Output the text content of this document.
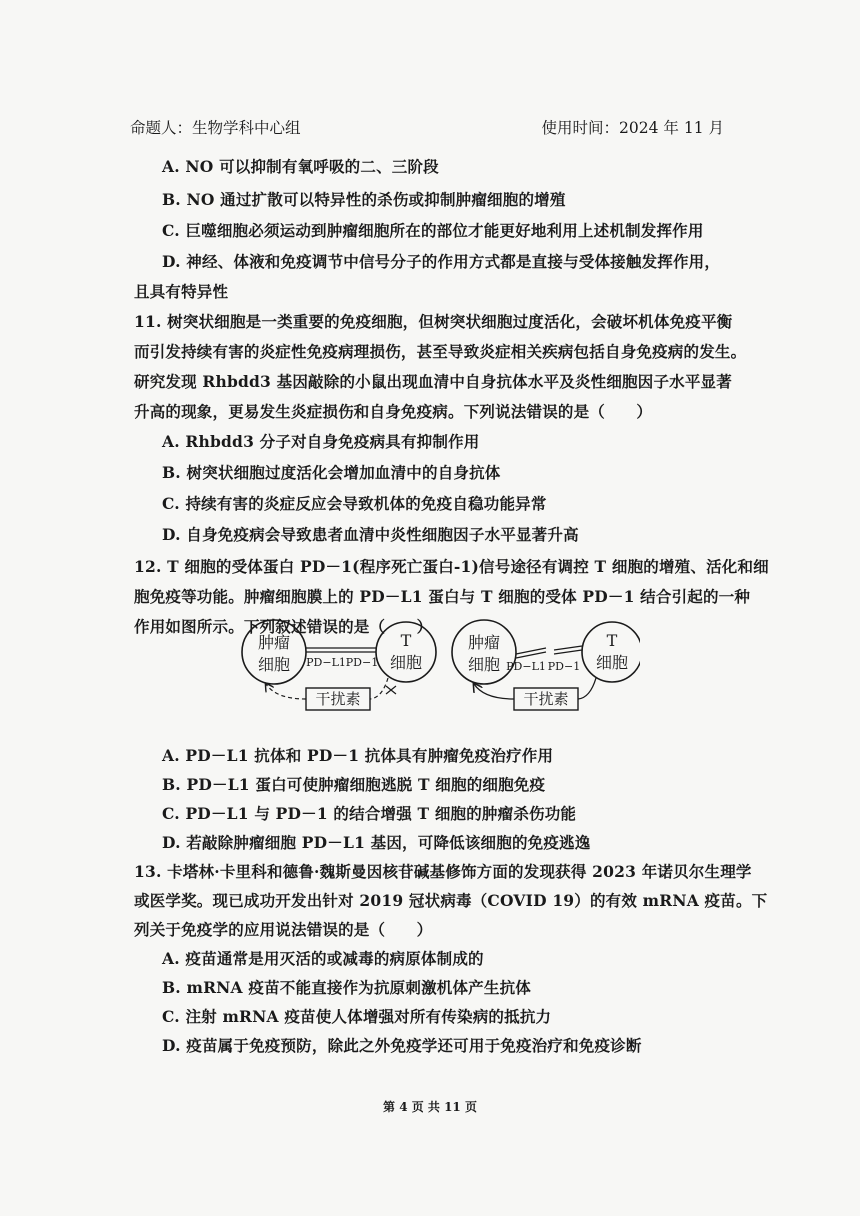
命题人：生物学科中心组	使用时间：2024 年 11 月
A. NO 可以抑制有氧呼吸的二、三阶段
B. NO 通过扩散可以特异性的杀伤或抑制肿瘤细胞的增殖
C. 巨噬细胞必须运动到肿瘤细胞所在的部位才能更好地利用上述机制发挥作用
D. 神经、体液和免疫调节中信号分子的作用方式都是直接与受体接触发挥作用，
且具有特异性
11. 树突状细胞是一类重要的免疫细胞，但树突状细胞过度活化，会破坏机体免疫平衡
而引发持续有害的炎症性免疫病理损伤，甚至导致炎症相关疾病包括自身免疫病的发生。
研究发现 Rhbdd3 基因敲除的小鼠出现血清中自身抗体水平及炎性细胞因子水平显著
升高的现象，更易发生炎症损伤和自身免疫病。下列说法错误的是（　　）
A. Rhbdd3 分子对自身免疫病具有抑制作用
B. 树突状细胞过度活化会增加血清中的自身抗体
C. 持续有害的炎症反应会导致机体的免疫自稳功能异常
D. 自身免疫病会导致患者血清中炎性细胞因子水平显著升高
12. T 细胞的受体蛋白 PD－1(程序死亡蛋白-1)信号途径有调控 T 细胞的增殖、活化和细
胞免疫等功能。肿瘤细胞膜上的 PD－L1 蛋白与 T 细胞的受体 PD－1 结合引起的一种
作用如图所示。下列叙述错误的是（　　）
肿瘤
细胞
T
细胞
PD−L1 PD−1
干扰素
肿瘤
细胞
T
细胞
PD−L1 PD−1
干扰素
A. PD－L1 抗体和 PD－1 抗体具有肿瘤免疫治疗作用
B. PD－L1 蛋白可使肿瘤细胞逃脱 T 细胞的细胞免疫
C. PD－L1 与 PD－1 的结合增强 T 细胞的肿瘤杀伤功能
D. 若敲除肿瘤细胞 PD－L1 基因，可降低该细胞的免疫逃逸
13. 卡塔林·卡里科和德鲁·魏斯曼因核苷碱基修饰方面的发现获得 2023 年诺贝尔生理学
或医学奖。现已成功开发出针对 2019 冠状病毒（COVID 19）的有效 mRNA 疫苗。下
列关于免疫学的应用说法错误的是（　　）
A. 疫苗通常是用灭活的或减毒的病原体制成的
B. mRNA 疫苗不能直接作为抗原刺激机体产生抗体
C. 注射 mRNA 疫苗使人体增强对所有传染病的抵抗力
D. 疫苗属于免疫预防，除此之外免疫学还可用于免疫治疗和免疫诊断
第 4 页 共 11 页
